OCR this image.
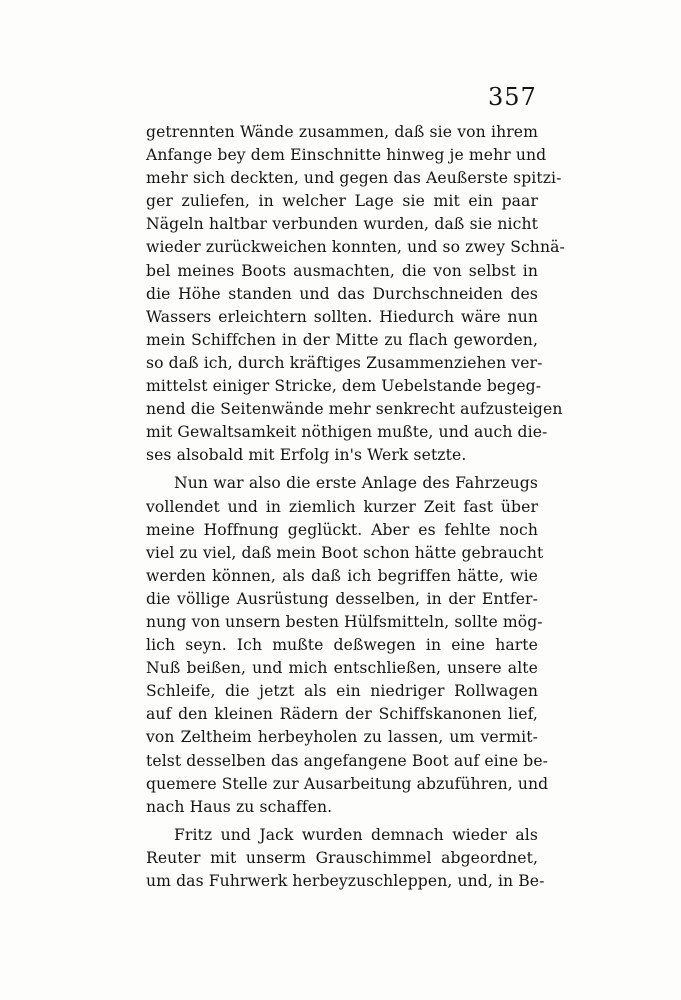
357
getrennten Wände zusammen, daß sie von ihrem
Anfange bey dem Einschnitte hinweg je mehr und
mehr sich deckten, und gegen das Aeußerste spitzi-
ger zuliefen, in welcher Lage sie mit ein paar
Nägeln haltbar verbunden wurden, daß sie nicht
wieder zurückweichen konnten, und so zwey Schnä-
bel meines Boots ausmachten, die von selbst in
die Höhe standen und das Durchschneiden des
Wassers erleichtern sollten. Hiedurch wäre nun
mein Schiffchen in der Mitte zu flach geworden,
so daß ich, durch kräftiges Zusammenziehen ver-
mittelst einiger Stricke, dem Uebelstande begeg-
nend die Seitenwände mehr senkrecht aufzusteigen
mit Gewaltsamkeit nöthigen mußte, und auch die-
ses alsobald mit Erfolg in's Werk setzte.
Nun war also die erste Anlage des Fahrzeugs
vollendet und in ziemlich kurzer Zeit fast über
meine Hoffnung geglückt. Aber es fehlte noch
viel zu viel, daß mein Boot schon hätte gebraucht
werden können, als daß ich begriffen hätte, wie
die völlige Ausrüstung desselben, in der Entfer-
nung von unsern besten Hülfsmitteln, sollte mög-
lich seyn. Ich mußte deßwegen in eine harte
Nuß beißen, und mich entschließen, unsere alte
Schleife, die jetzt als ein niedriger Rollwagen
auf den kleinen Rädern der Schiffskanonen lief,
von Zeltheim herbeyholen zu lassen, um vermit-
telst desselben das angefangene Boot auf eine be-
quemere Stelle zur Ausarbeitung abzuführen, und
nach Haus zu schaffen.
Fritz und Jack wurden demnach wieder als
Reuter mit unserm Grauschimmel abgeordnet,
um das Fuhrwerk herbeyzuschleppen, und, in Be-
